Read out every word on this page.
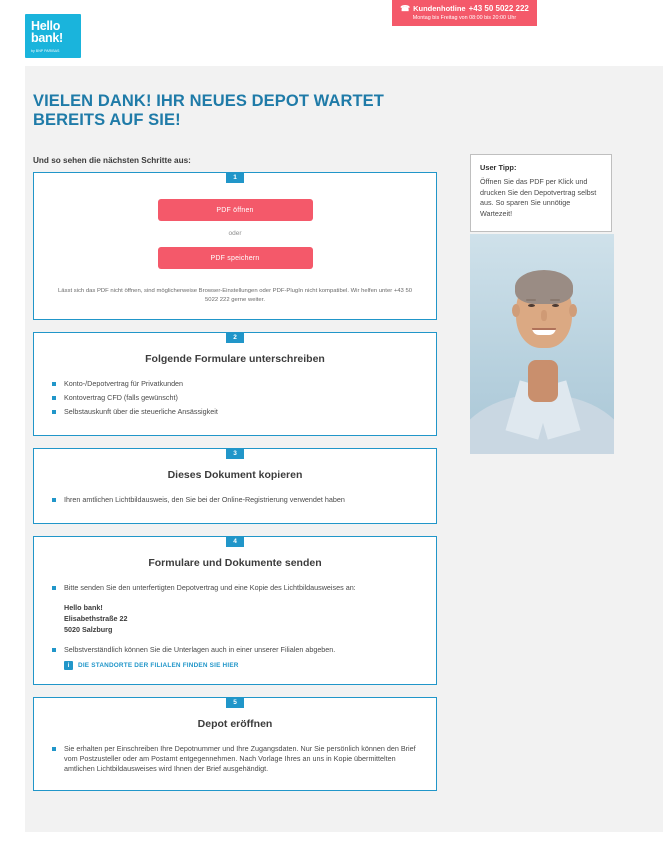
☎ Kundenhotline +43 50 5022 222
Montag bis Freitag von 08:00 bis 20:00 Uhr
Hello
bank!
by BNP PARIBAS
VIELEN DANK! IHR NEUES DEPOT WARTET BEREITS AUF SIE!
Und so sehen die nächsten Schritte aus:
1
PDF öffnen
oder
PDF speichern
Lässt sich das PDF nicht öffnen, sind möglicherweise Browser-Einstellungen oder PDF-PlugIn nicht kompatibel. Wir helfen unter +43 50 5022 222 gerne weiter.
2
Folgende Formulare unterschreiben
Konto-/Depotvertrag für Privatkunden
Kontovertrag CFD (falls gewünscht)
Selbstauskunft über die steuerliche Ansässigkeit
3
Dieses Dokument kopieren
Ihren amtlichen Lichtbildausweis, den Sie bei der Online-Registrierung verwendet haben
4
Formulare und Dokumente senden
Bitte senden Sie den unterfertigten Depotvertrag und eine Kopie des Lichtbildausweises an:
Hello bank!
Elisabethstraße 22
5020 Salzburg
Selbstverständlich können Sie die Unterlagen auch in einer unserer Filialen abgeben.
i	DIE STANDORTE DER FILIALEN FINDEN SIE HIER
5
Depot eröffnen
Sie erhalten per Einschreiben Ihre Depotnummer und Ihre Zugangsdaten. Nur Sie persönlich können den Brief vom Postzusteller oder am Postamt entgegennehmen. Nach Vorlage Ihres an uns in Kopie übermittelten amtlichen Lichtbildausweises wird Ihnen der Brief ausgehändigt.
User Tipp:
Öffnen Sie das PDF per Klick und drucken Sie den Depotvertrag selbst aus. So sparen Sie unnötige Wartezeit!
